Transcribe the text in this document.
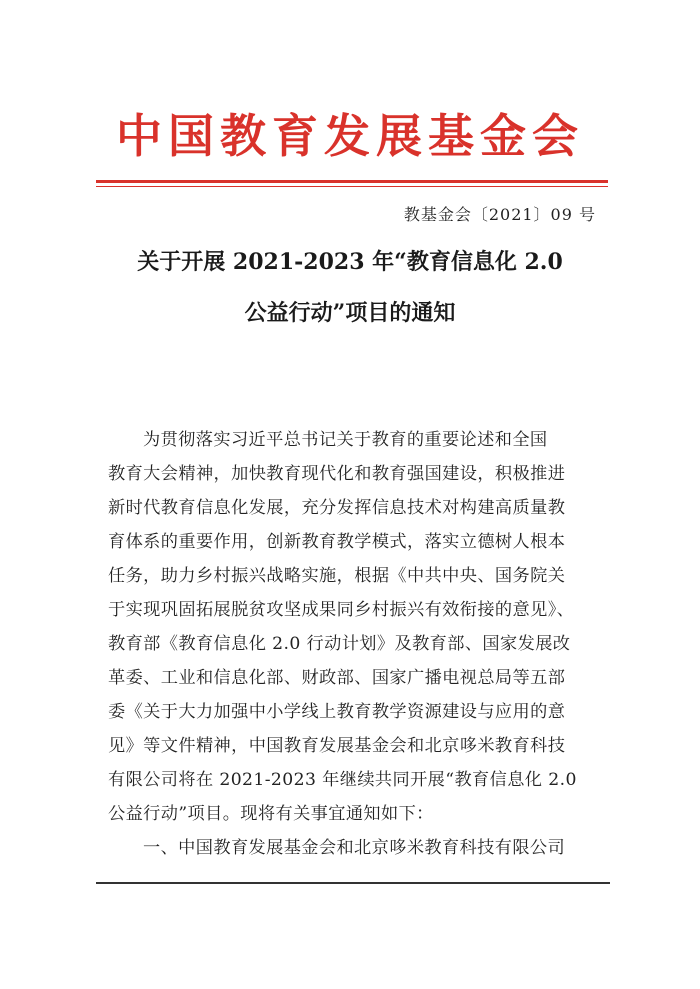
中国教育发展基金会
教基金会〔2021〕09 号
关于开展 2021-2023 年“教育信息化 2.0
公益行动”项目的通知
为贯彻落实习近平总书记关于教育的重要论述和全国
教育大会精神，加快教育现代化和教育强国建设，积极推进
新时代教育信息化发展，充分发挥信息技术对构建高质量教
育体系的重要作用，创新教育教学模式，落实立德树人根本
任务，助力乡村振兴战略实施，根据《中共中央、国务院关
于实现巩固拓展脱贫攻坚成果同乡村振兴有效衔接的意见》、
教育部《教育信息化 2.0 行动计划》及教育部、国家发展改
革委、工业和信息化部、财政部、国家广播电视总局等五部
委《关于大力加强中小学线上教育教学资源建设与应用的意
见》等文件精神，中国教育发展基金会和北京哆米教育科技
有限公司将在 2021-2023 年继续共同开展“教育信息化 2.0
公益行动”项目。现将有关事宜通知如下：
一、中国教育发展基金会和北京哆米教育科技有限公司
